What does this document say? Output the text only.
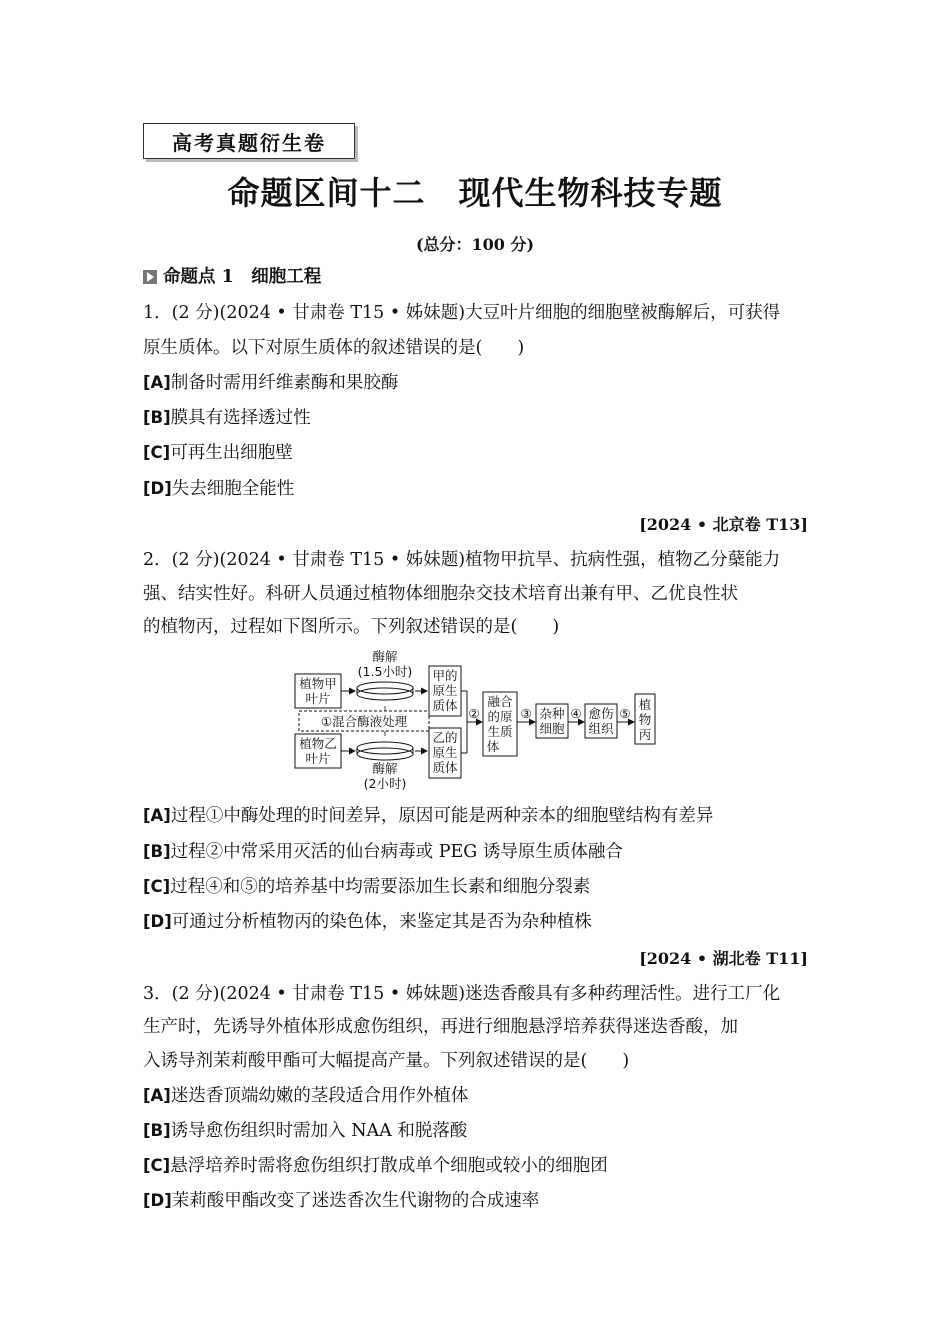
高考真题衍生卷
命题区间十二　现代生物科技专题
(总分：100 分)
命题点 1　细胞工程
1．(2 分)(2024 • 甘肃卷 T15 • 姊妹题)大豆叶片细胞的细胞壁被酶解后，可获得
原生质体。以下对原生质体的叙述错误的是(　　)
[A]制备时需用纤维素酶和果胶酶
[B]膜具有选择透过性
[C]可再生出细胞壁
[D]失去细胞全能性
[2024 • 北京卷 T13]
2．(2 分)(2024 • 甘肃卷 T15 • 姊妹题)植物甲抗旱、抗病性强，植物乙分蘖能力
强、结实性好。科研人员通过植物体细胞杂交技术培育出兼有甲、乙优良性状
的植物丙，过程如下图所示。下列叙述错误的是(　　)
植物甲
叶片
植物乙
叶片
酶解
(1.5小时)
酶解
(2小时)
①混合酶液处理
甲的
原生
质体
乙的
原生
质体
②
融合
的原
生质
体
③ 杂种
细胞
④ 愈伤
组织
⑤
植
物
丙
[A]过程①中酶处理的时间差异，原因可能是两种亲本的细胞壁结构有差异
[B]过程②中常采用灭活的仙台病毒或 PEG 诱导原生质体融合
[C]过程④和⑤的培养基中均需要添加生长素和细胞分裂素
[D]可通过分析植物丙的染色体，来鉴定其是否为杂种植株
[2024 • 湖北卷 T11]
3．(2 分)(2024 • 甘肃卷 T15 • 姊妹题)迷迭香酸具有多种药理活性。进行工厂化
生产时，先诱导外植体形成愈伤组织，再进行细胞悬浮培养获得迷迭香酸，加
入诱导剂茉莉酸甲酯可大幅提高产量。下列叙述错误的是(　　)
[A]迷迭香顶端幼嫩的茎段适合用作外植体
[B]诱导愈伤组织时需加入 NAA 和脱落酸
[C]悬浮培养时需将愈伤组织打散成单个细胞或较小的细胞团
[D]茉莉酸甲酯改变了迷迭香次生代谢物的合成速率
